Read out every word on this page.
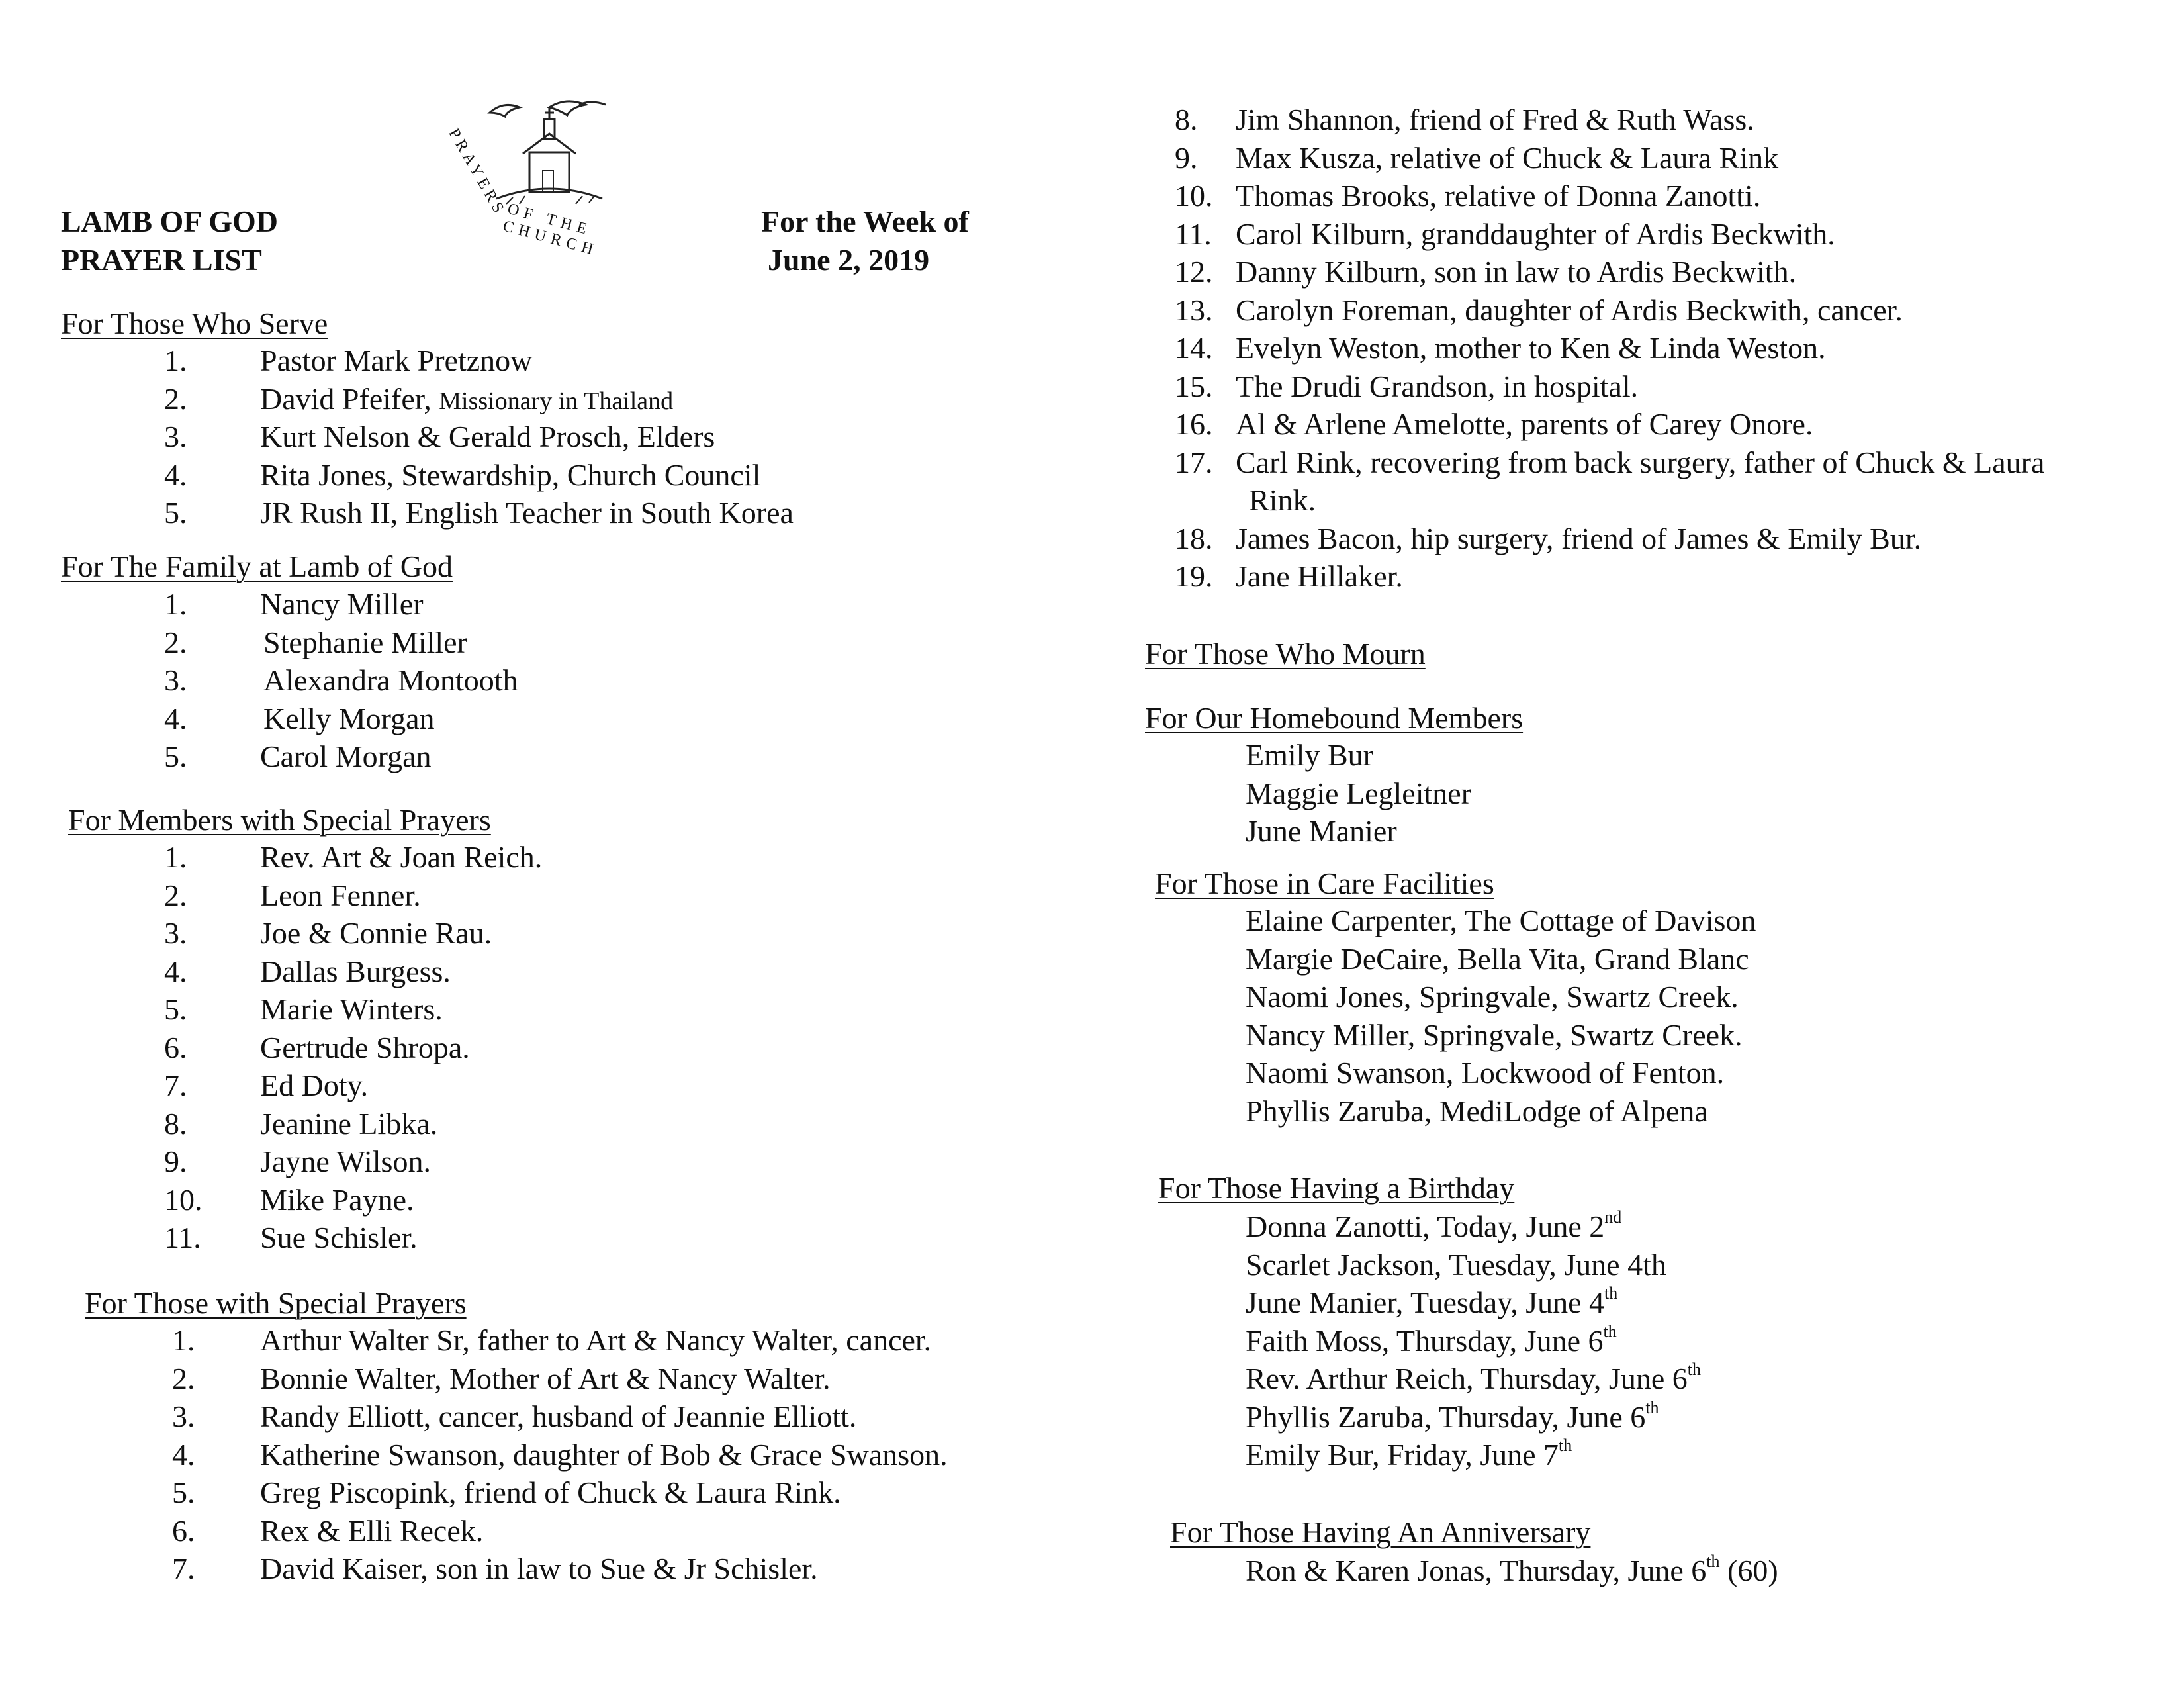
LAMB OF GOD
PRAYER LIST
For the Week of
June 2, 2019
PRAYERS
OF THE CHURCH
For Those Who Serve
1. Pastor Mark Pretznow
2. David Pfeifer, Missionary in Thailand
3. Kurt Nelson & Gerald Prosch, Elders
4. Rita Jones, Stewardship, Church Council
5. JR Rush II, English Teacher in South Korea
For The Family at Lamb of God
1. Nancy Miller
2.	Stephanie Miller
3.	Alexandra Montooth
4.	Kelly Morgan
5. Carol Morgan
For Members with Special Prayers
1. Rev. Art & Joan Reich.
2. Leon Fenner.
3. Joe & Connie Rau.
4. Dallas Burgess.
5. Marie Winters.
6. Gertrude Shropa.
7. Ed Doty.
8. Jeanine Libka.
9. Jayne Wilson.
10. Mike Payne.
11. Sue Schisler.
For Those with Special Prayers
1. Arthur Walter Sr, father to Art & Nancy Walter, cancer.
2. Bonnie Walter, Mother of Art & Nancy Walter.
3. Randy Elliott, cancer, husband of Jeannie Elliott.
4. Katherine Swanson, daughter of Bob & Grace Swanson.
5. Greg Piscopink, friend of Chuck & Laura Rink.
6. Rex & Elli Recek.
7. David Kaiser, son in law to Sue & Jr Schisler.
8. Jim Shannon, friend of Fred & Ruth Wass.
9. Max Kusza, relative of Chuck & Laura Rink
10. Thomas Brooks, relative of Donna Zanotti.
11. Carol Kilburn, granddaughter of Ardis Beckwith.
12. Danny Kilburn, son in law to Ardis Beckwith.
13. Carolyn Foreman, daughter of Ardis Beckwith, cancer.
14. Evelyn Weston, mother to Ken & Linda Weston.
15. The Drudi Grandson, in hospital.
16. Al & Arlene Amelotte, parents of Carey Onore.
17. Carl Rink, recovering from back surgery, father of Chuck & Laura
Rink.
18. James Bacon, hip surgery, friend of James & Emily Bur.
19. Jane Hillaker.
For Those Who Mourn
For Our Homebound Members
Emily Bur
Maggie Legleitner
June Manier
For Those in Care Facilities
Elaine Carpenter, The Cottage of Davison
Margie DeCaire, Bella Vita, Grand Blanc
Naomi Jones, Springvale, Swartz Creek.
Nancy Miller, Springvale, Swartz Creek.
Naomi Swanson, Lockwood of Fenton.
Phyllis Zaruba, MediLodge of Alpena
For Those Having a Birthday
Donna Zanotti, Today, June 2nd
Scarlet Jackson, Tuesday, June 4th
June Manier, Tuesday, June 4th
Faith Moss, Thursday, June 6th
Rev. Arthur Reich, Thursday, June 6th
Phyllis Zaruba, Thursday, June 6th
Emily Bur, Friday, June 7th
For Those Having An Anniversary
Ron & Karen Jonas, Thursday, June 6th (60)
